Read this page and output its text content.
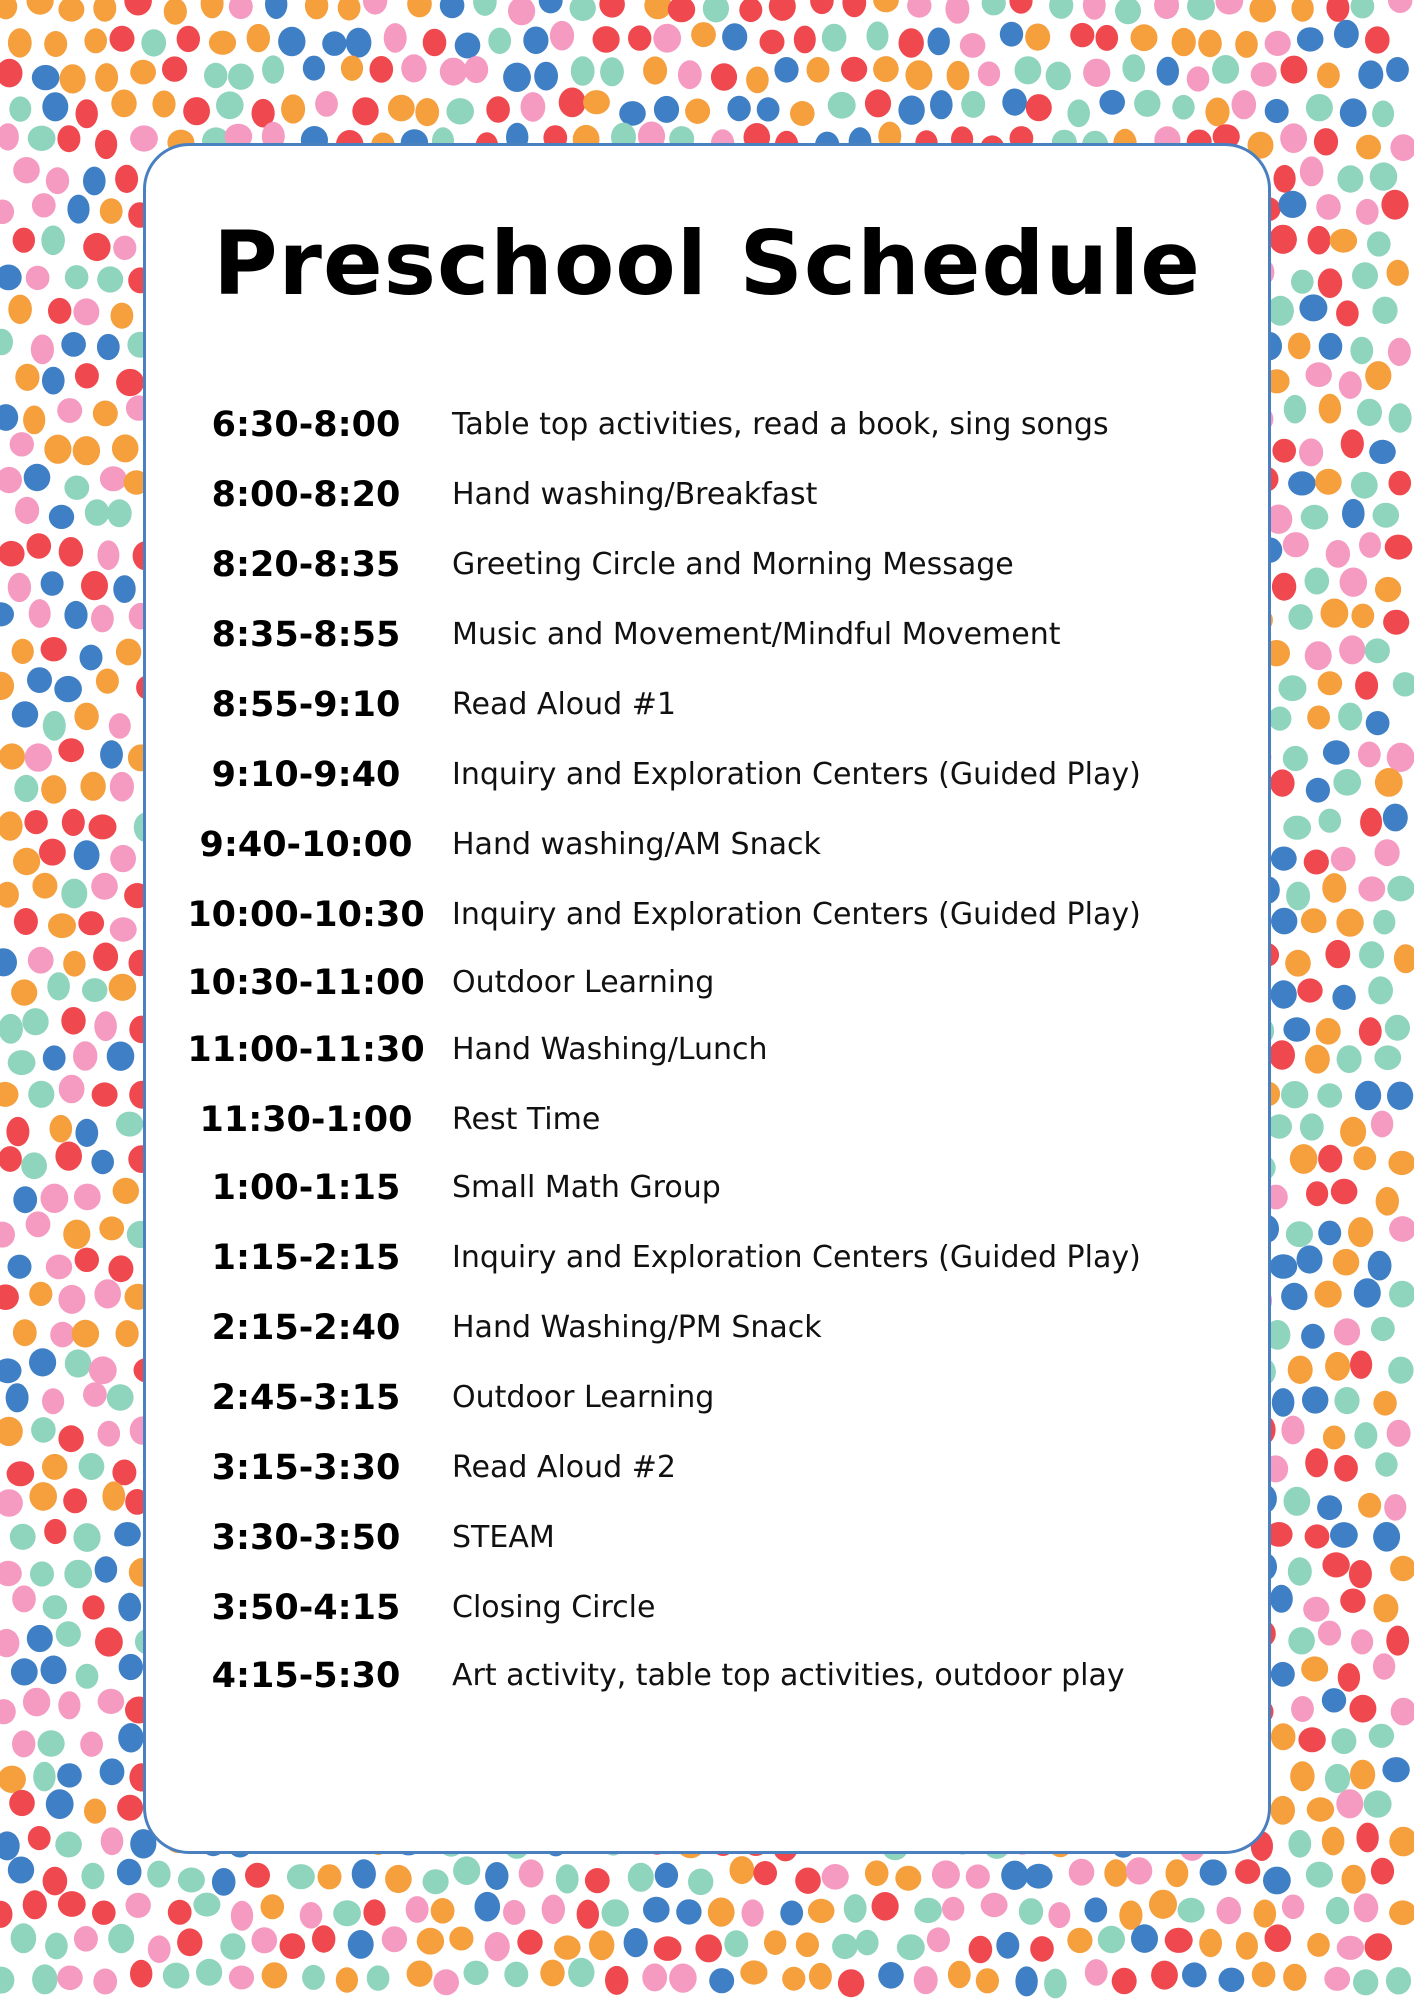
Preschool Schedule
6:30-8:00	Table top activities, read a book, sing songs
8:00-8:20	Hand washing/Breakfast
8:20-8:35	Greeting Circle and Morning Message
8:35-8:55	Music and Movement/Mindful Movement
8:55-9:10	Read Aloud #1
9:10-9:40	Inquiry and Exploration Centers (Guided Play)
9:40-10:00	Hand washing/AM Snack
10:00-10:30 Inquiry and Exploration Centers (Guided Play)
10:30-11:00 Outdoor Learning
11:00-11:30 Hand Washing/Lunch
11:30-1:00	Rest Time
1:00-1:15	Small Math Group
1:15-2:15	Inquiry and Exploration Centers (Guided Play)
2:15-2:40	Hand Washing/PM Snack
2:45-3:15	Outdoor Learning
3:15-3:30	Read Aloud #2
3:30-3:50	STEAM
3:50-4:15	Closing Circle
4:15-5:30	Art activity, table top activities, outdoor play
